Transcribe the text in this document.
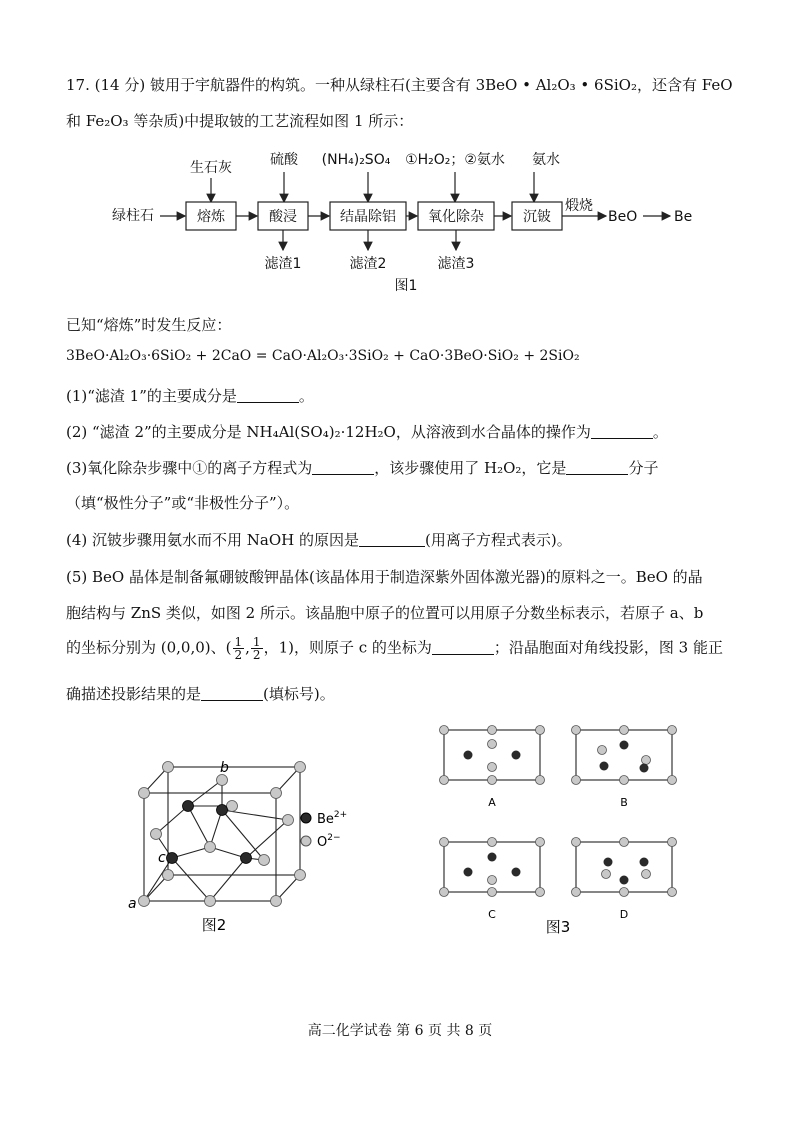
17. (14 分) 铍用于宇航器件的构筑。一种从绿柱石(主要含有 3BeO • Al₂O₃ • 6SiO₂，还含有 FeO
和 Fe₂O₃ 等杂质)中提取铍的工艺流程如图 1 所示：
生石灰	硫酸 (NH₄)₂SO₄ ①H₂O₂；②氨水 氨水
绿柱石	熔炼	酸浸	结晶除铝 氧化除杂	沉铍
煅烧
BeO	Be
滤渣1	滤渣2	滤渣3
图1
已知“熔炼”时发生反应：
3BeO·Al₂O₃·6SiO₂ + 2CaO = CaO·Al₂O₃·3SiO₂ + CaO·3BeO·SiO₂ + 2SiO₂
(1)“滤渣 1”的主要成分是	。
(2) “滤渣 2”的主要成分是 NH₄Al(SO₄)₂·12H₂O，从溶液到水合晶体的操作为	。
(3)氧化除杂步骤中①的离子方程式为	，该步骤使用了 H₂O₂，它是	分子
（填“极性分子”或“非极性分子”）。
(4) 沉铍步骤用氨水而不用 NaOH 的原因是	(用离子方程式表示)。
(5) BeO 晶体是制备氟硼铍酸钾晶体(该晶体用于制造深紫外固体激光器)的原料之一。BeO 的晶
胞结构与 ZnS 类似，如图 2 所示。该晶胞中原子的位置可以用原子分数坐标表示，若原子 a、b
的坐标分别为 (0,0,0)、( $\frac{1}{2}$ , $\frac{1}{2}$ ，1)，则原子 c 的坐标为	；沿晶胞面对角线投影，图 3 能正
确描述投影结果的是	(填标号)。
a
b
c
$Be^{2+}$
$O^{2-}$
图2
A	B
C	D
图3
高二化学试卷 第 6 页 共 8 页
